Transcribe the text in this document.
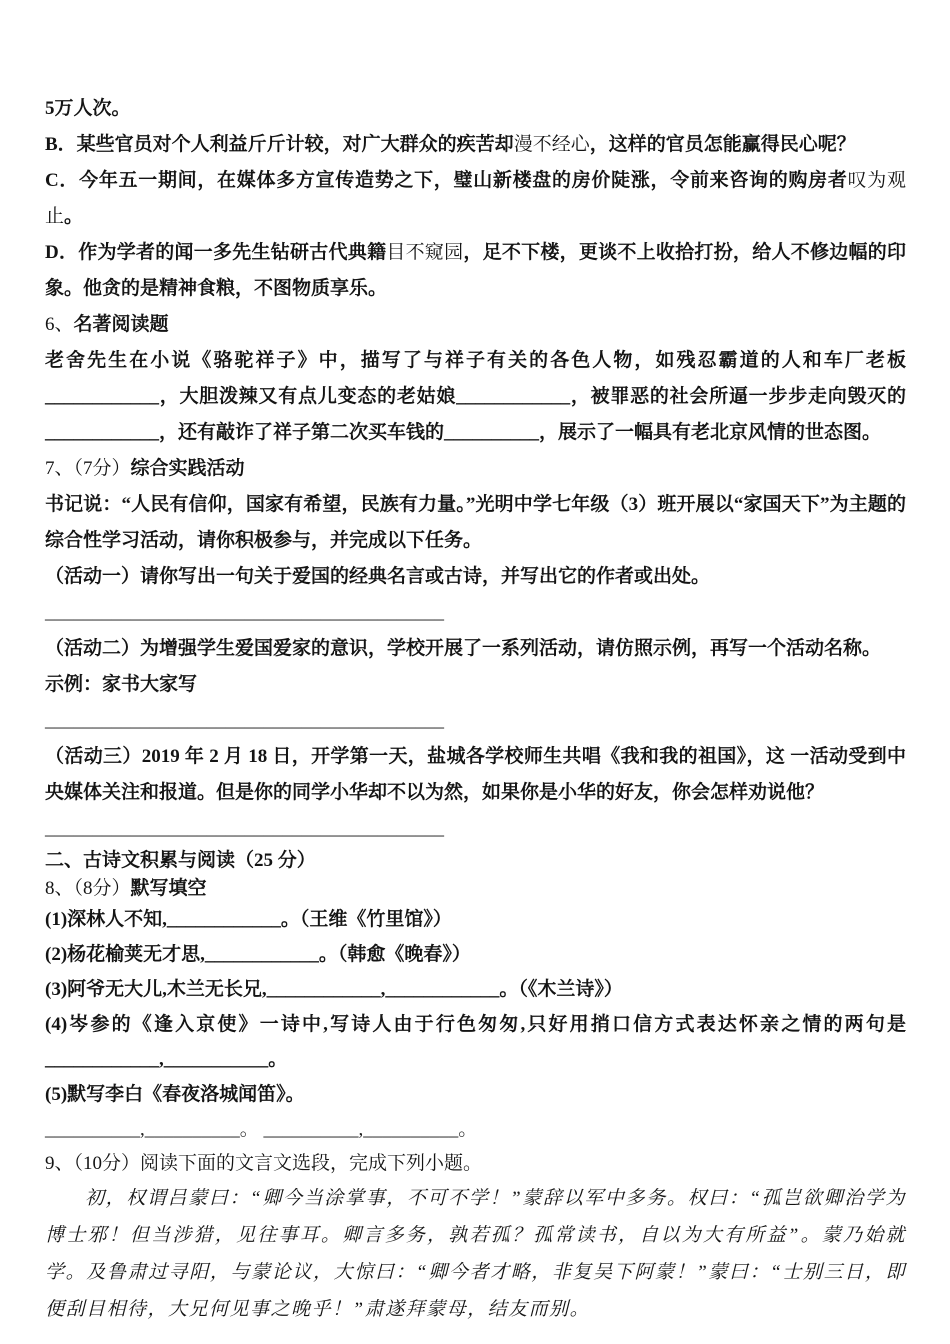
5万人次。

B．某些官员对个人利益斤斤计较，对广大群众的疾苦却漫不经心，这样的官员怎能赢得民心呢？

C．今年五一期间，在媒体多方宣传造势之下，璧山新楼盘的房价陡涨，令前来咨询的购房者叹为观止。

D．作为学者的闻一多先生钻研古代典籍目不窥园，足不下楼，更谈不上收拾打扮，给人不修边幅的印象。他贪的是精神食粮，不图物质享乐。

6、名著阅读题

老舍先生在小说《骆驼祥子》中，描写了与祥子有关的各色人物，如残忍霸道的人和车厂老板____________，大胆泼辣又有点儿变态的老姑娘____________，被罪恶的社会所逼一步步走向毁灭的____________，还有敲诈了祥子第二次买车钱的__________，展示了一幅具有老北京风情的世态图。

7、（7分）综合实践活动

书记说：“人民有信仰，国家有希望，民族有力量。”光明中学七年级（3）班开展以“家国天下”为主题的综合性学习活动，请你积极参与，并完成以下任务。

（活动一）请你写出一句关于爱国的经典名言或古诗，并写出它的作者或出处。

__________________________________________

（活动二）为增强学生爱国爱家的意识，学校开展了一系列活动，请仿照示例，再写一个活动名称。

示例：家书大家写

__________________________________________

（活动三）2019 年 2 月 18 日，开学第一天，盐城各学校师生共唱《我和我的祖国》，这 一活动受到中央媒体关注和报道。但是你的同学小华却不以为然，如果你是小华的好友，你会怎样劝说他？

__________________________________________

二、古诗文积累与阅读（25 分）

8、（8分）默写填空

(1)深林人不知,____________。（王维《竹里馆》）

(2)杨花榆荚无才思,____________。（韩愈《晚春》）

(3)阿爷无大儿,木兰无长兄,____________,____________。（《木兰诗》）

(4)岑参的《逢入京使》一诗中,写诗人由于行色匆匆,只好用捎口信方式表达怀亲之情的两句是____________,___________。

(5)默写李白《春夜洛城闻笛》。

__________,__________。 __________,__________。

9、（10分）阅读下面的文言文选段，完成下列小题。

初，权谓吕蒙曰：“卿今当涂掌事，不可不学！”蒙辞以军中多务。权曰：“孤岂欲卿治学为博士邪！但当涉猎，见往事耳。卿言多务，孰若孤？孤常读书，自以为大有所益”。蒙乃始就学。及鲁肃过寻阳，与蒙论议，大惊曰：“卿今者才略，非复吴下阿蒙！”蒙曰：“士别三日，即便刮目相待，大兄何见事之晚乎！”肃遂拜蒙母，结友而别。
